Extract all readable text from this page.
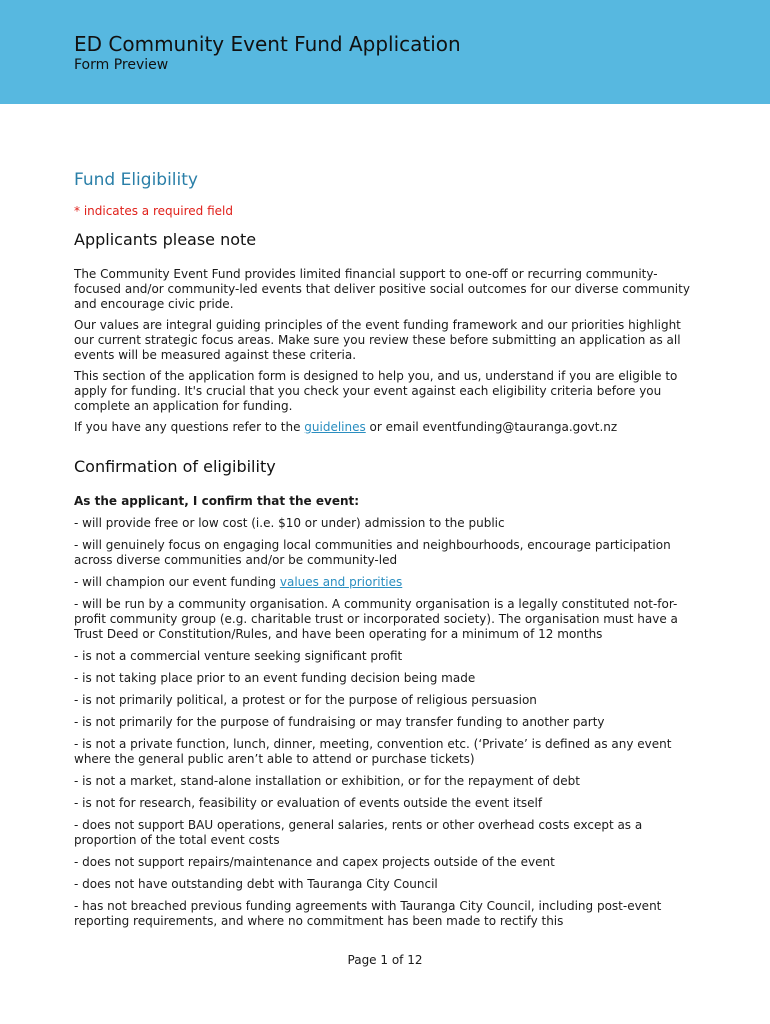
ED Community Event Fund Application
Form Preview
Fund Eligibility
* indicates a required field
Applicants please note

The Community Event Fund provides limited financial support to one-off or recurring community-focused and/or community-led events that deliver positive social outcomes for our diverse community and encourage civic pride.

Our values are integral guiding principles of the event funding framework and our priorities highlight our current strategic focus areas. Make sure you review these before submitting an application as all events will be measured against these criteria.

This section of the application form is designed to help you, and us, understand if you are eligible to apply for funding. It's crucial that you check your event against each eligibility criteria before you complete an application for funding.

If you have any questions refer to the guidelines or email eventfunding@tauranga.govt.nz

Confirmation of eligibility

As the applicant, I confirm that the event:

- will provide free or low cost (i.e. $10 or under) admission to the public

- will genuinely focus on engaging local communities and neighbourhoods, encourage participation across diverse communities and/or be community-led

- will champion our event funding values and priorities

- will be run by a community organisation. A community organisation is a legally constituted not-for-profit community group (e.g. charitable trust or incorporated society). The organisation must have a Trust Deed or Constitution/Rules, and have been operating for a minimum of 12 months

- is not a commercial venture seeking significant profit

- is not taking place prior to an event funding decision being made

- is not primarily political, a protest or for the purpose of religious persuasion

- is not primarily for the purpose of fundraising or may transfer funding to another party

- is not a private function, lunch, dinner, meeting, convention etc. (‘Private’ is defined as any event where the general public aren’t able to attend or purchase tickets)

- is not a market, stand-alone installation or exhibition, or for the repayment of debt

- is not for research, feasibility or evaluation of events outside the event itself

- does not support BAU operations, general salaries, rents or other overhead costs except as a proportion of the total event costs

- does not support repairs/maintenance and capex projects outside of the event

- does not have outstanding debt with Tauranga City Council

- has not breached previous funding agreements with Tauranga City Council, including post-event reporting requirements, and where no commitment has been made to rectify this

Page 1 of 12
